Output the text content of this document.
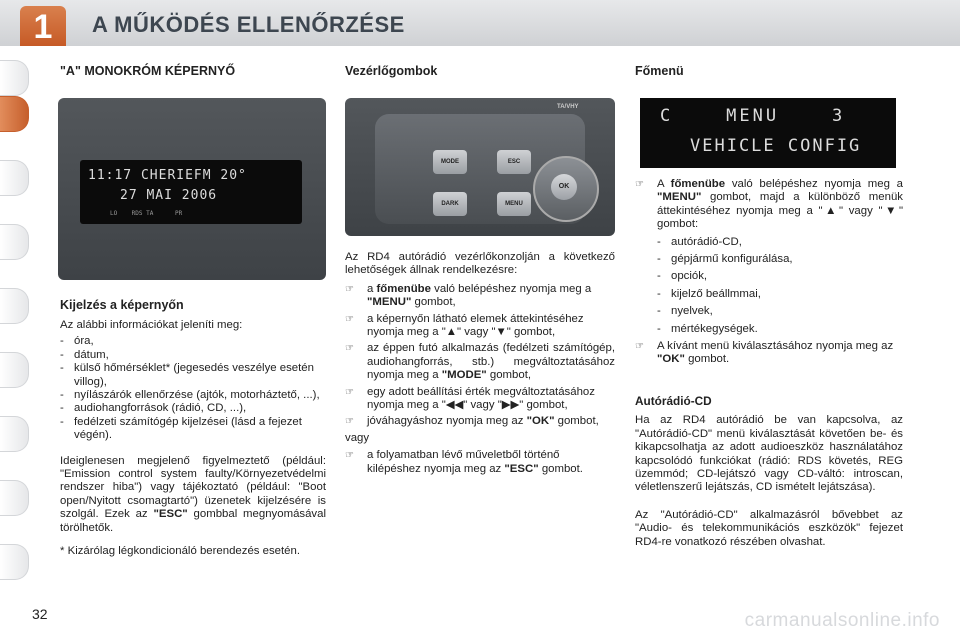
1	A MŰKÖDÉS ELLENŐRZÉSE
"A" MONOKRÓM KÉPERNYŐ
11:17 CHERIEFM 20°
27 MAI 2006
LO    RDS TA      PR
Kijelzés a képernyőn
Az alábbi információkat jeleníti meg:
- óra,
- dátum,
- külső hőmérséklet* (jegesedés veszélye esetén villog),
- nyílászárók ellenőrzése (ajtók, motorháztető, ...),
- audiohangforrások (rádió, CD, ...),
- fedélzeti számítógép kijelzései (lásd a fejezet végén).
Ideiglenesen megjelenő figyelmeztető (például: "Emission control system faulty/Környezetvédelmi rendszer hiba") vagy tájékoztató (például: "Boot open/Nyitott csomagtartó") üzenetek kijelzésére is szolgál. Ezek az "ESC" gombbal megnyomásával törölhetők.
* Kizárólag légkondicionáló berendezés esetén.
Vezérlőgombok
MODE	ESC
DARK	MENU
OK
TA/VHY
Az RD4 autórádió vezérlőkonzolján a következő lehetőségek állnak rendelkezésre:
☞ a főmenübe való belépéshez nyomja meg a "MENU" gombot,
☞ a képernyőn látható elemek áttekintéséhez nyomja meg a "▲" vagy "▼" gombot,
☞ az éppen futó alkalmazás (fedélzeti számítógép, audiohangforrás, stb.) megváltoztatásához nyomja meg a "MODE" gombot,
☞ egy adott beállítási érték megváltoztatásához nyomja meg a "◀◀" vagy "▶▶" gombot,
☞ jóváhagyáshoz nyomja meg az "OK" gombot,
vagy
☞ a folyamatban lévő műveletből történő kilépéshez nyomja meg az "ESC" gombot.
Főmenü
C    MENU    3
VEHICLE CONFIG
☞ A főmenübe való belépéshez nyomja meg a "MENU" gombot, majd a különböző menük áttekintéséhez nyomja meg a "▲" vagy "▼" gombot:
- autórádió-CD,
- gépjármű konfigurálása,
- opciók,
- kijelző beállmmai,
- nyelvek,
- mértékegységek.
☞ A kívánt menü kiválasztásához nyomja meg az "OK" gombot.
Autórádió-CD
Ha az RD4 autórádió be van kapcsolva, az "Autórádió-CD" menü kiválasztását követően be- és kikapcsolhatja az adott audioeszköz használatához kapcsolódó funkciókat (rádió: RDS követés, REG üzemmód; CD-lejátszó vagy CD-váltó: introscan, véletlenszerű lejátszás, CD ismételt lejátszása).
Az "Autórádió-CD" alkalmazásról bővebbet az "Audio- és telekommunikációs eszközök" fejezet RD4-re vonatkozó részében olvashat.
32	carmanualsonline.info
